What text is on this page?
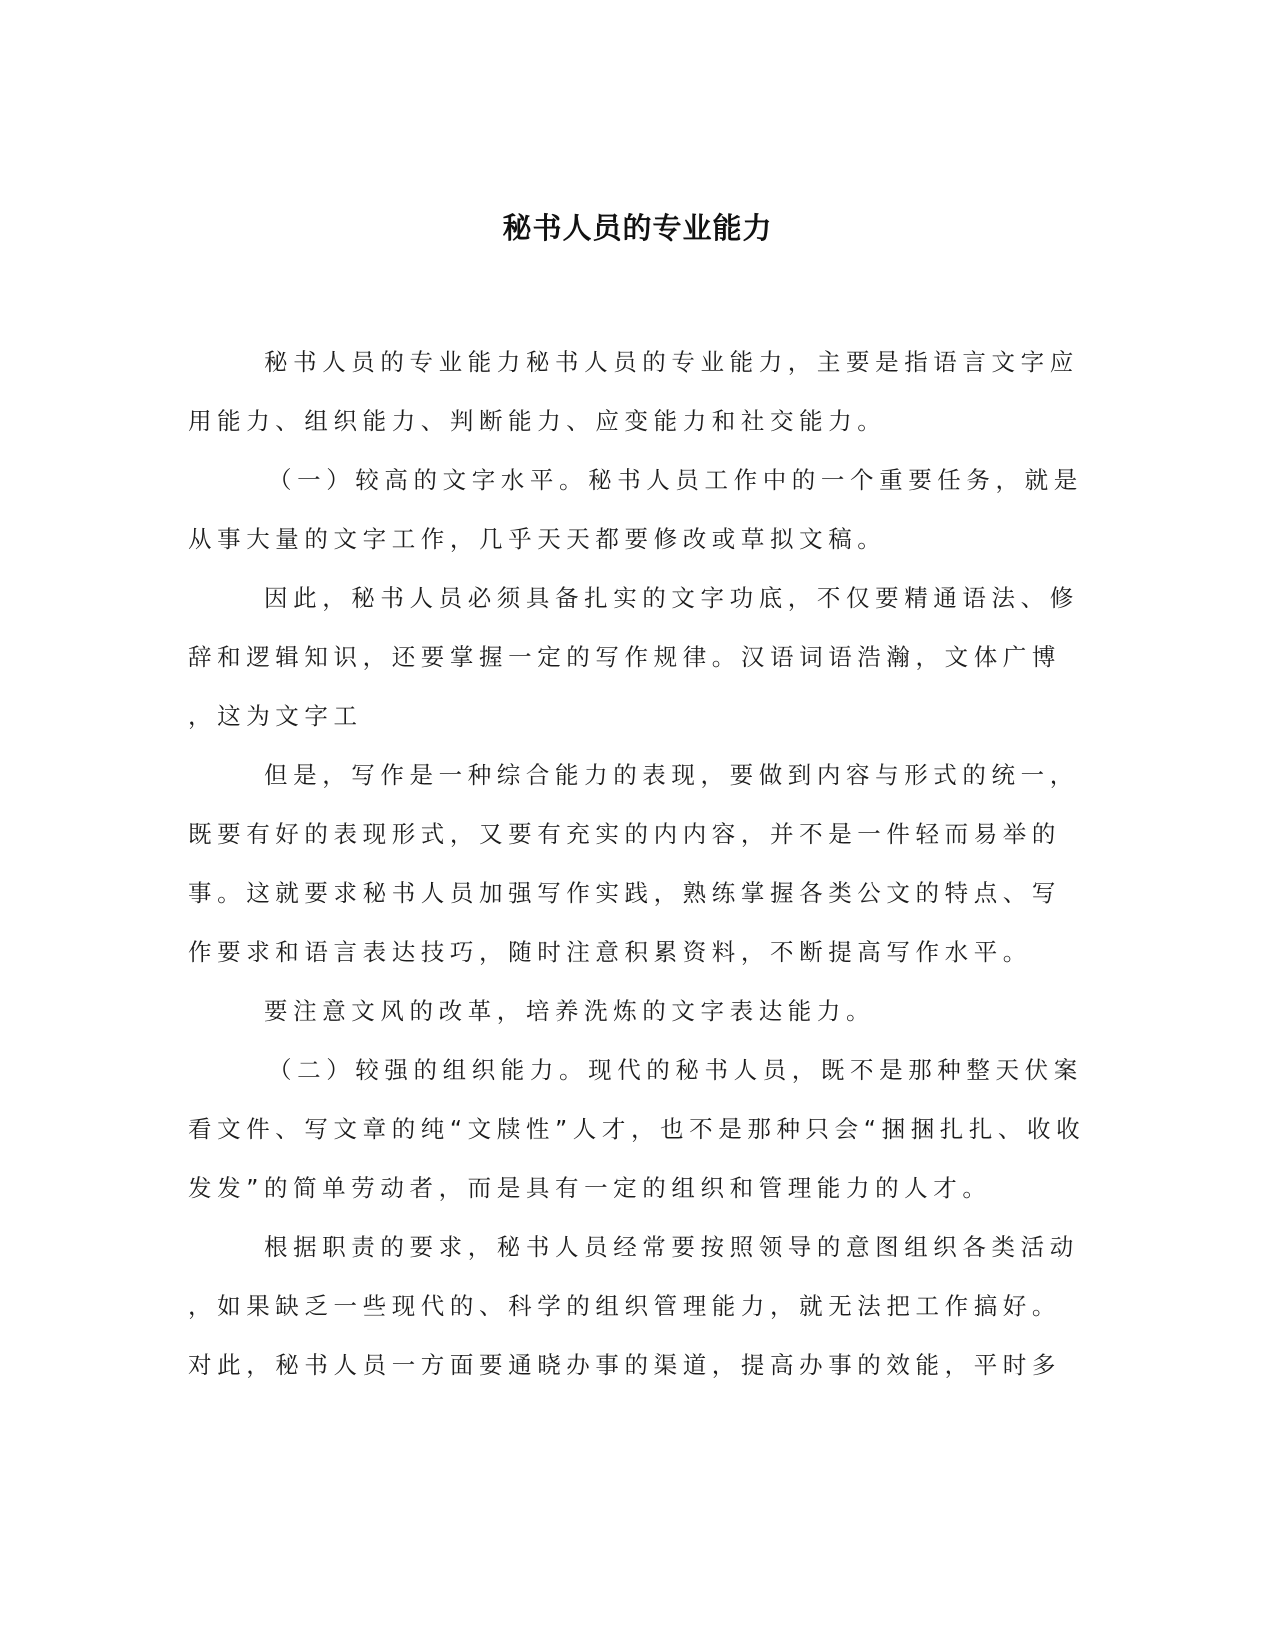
秘书人员的专业能力
秘书人员的专业能力秘书人员的专业能力，主要是指语言文字应
用能力、组织能力、判断能力、应变能力和社交能力。
（一）较高的文字水平。秘书人员工作中的一个重要任务，就是
从事大量的文字工作，几乎天天都要修改或草拟文稿。
因此，秘书人员必须具备扎实的文字功底，不仅要精通语法、修
辞和逻辑知识，还要掌握一定的写作规律。汉语词语浩瀚，文体广博
，这为文字工
但是，写作是一种综合能力的表现，要做到内容与形式的统一，
既要有好的表现形式，又要有充实的内内容，并不是一件轻而易举的
事。这就要求秘书人员加强写作实践，熟练掌握各类公文的特点、写
作要求和语言表达技巧，随时注意积累资料，不断提高写作水平。
要注意文风的改革，培养洗炼的文字表达能力。
（二）较强的组织能力。现代的秘书人员，既不是那种整天伏案
看文件、写文章的纯“文牍性”人才，也不是那种只会“捆捆扎扎、收收
发发”的简单劳动者，而是具有一定的组织和管理能力的人才。
根据职责的要求，秘书人员经常要按照领导的意图组织各类活动
，如果缺乏一些现代的、科学的组织管理能力，就无法把工作搞好。
对此，秘书人员一方面要通晓办事的渠道，提高办事的效能，平时多
